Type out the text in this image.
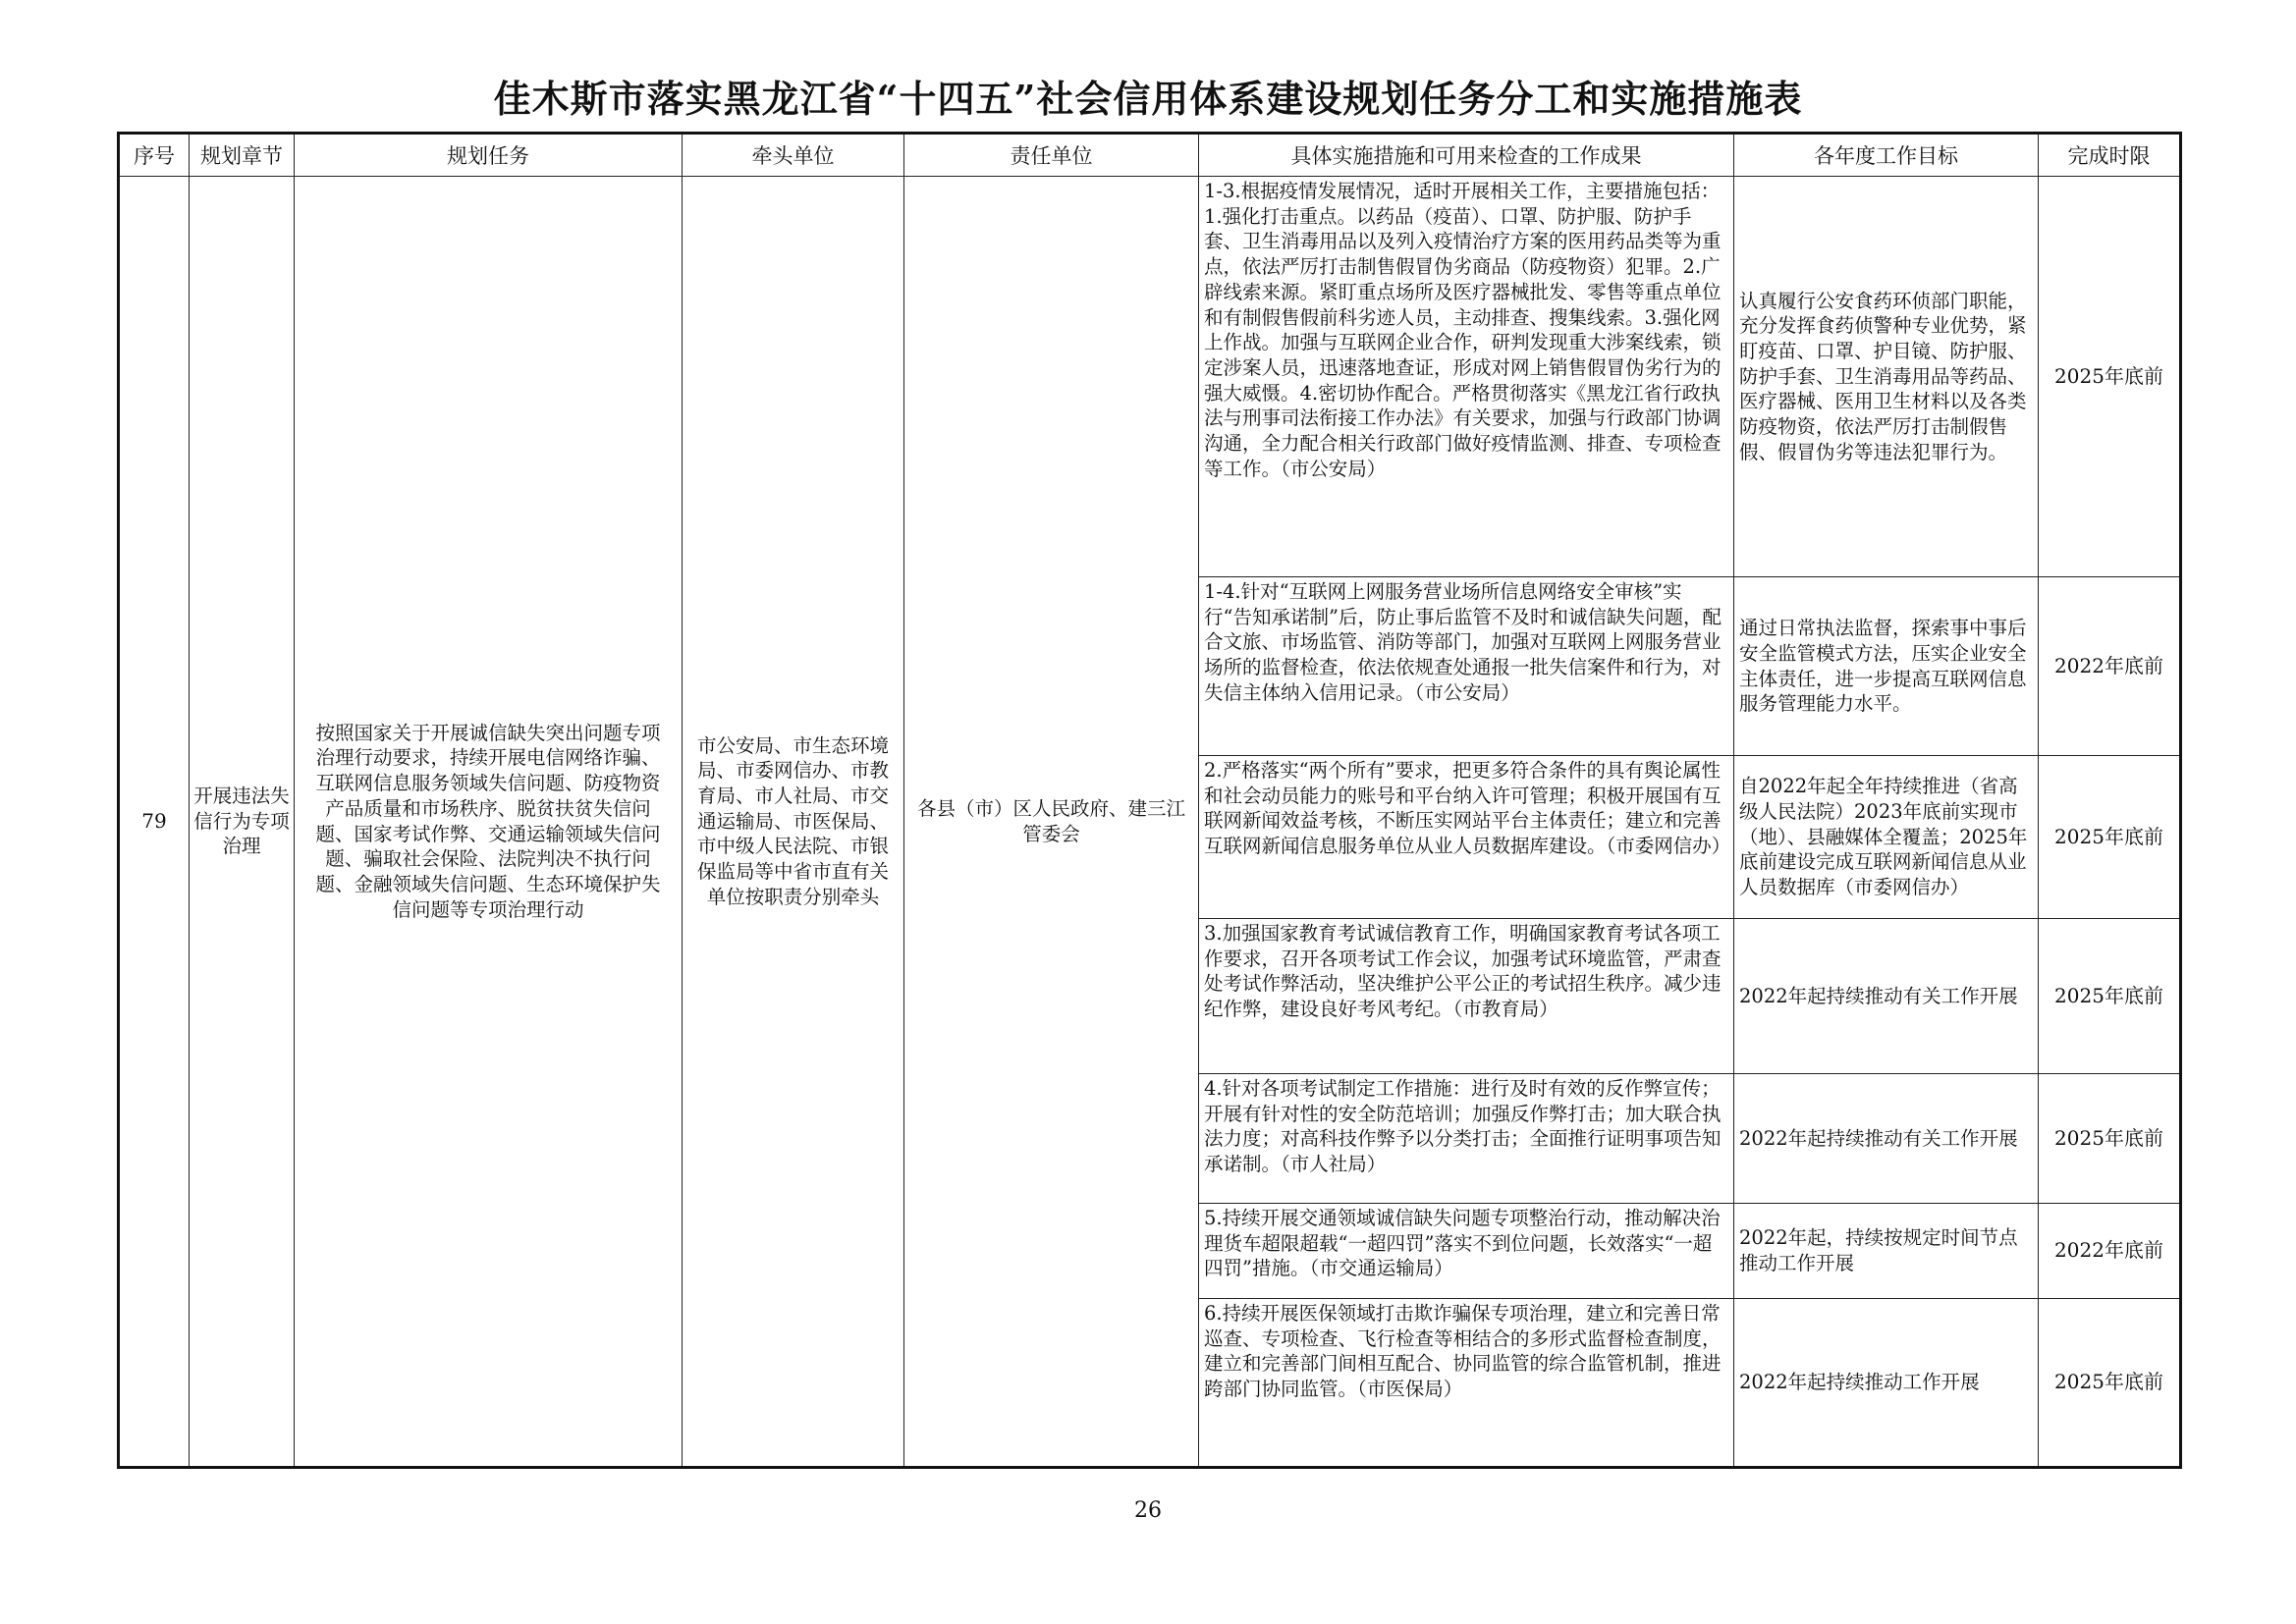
佳木斯市落实黑龙江省“十四五”社会信用体系建设规划任务分工和实施措施表
序号	规划章节	规划任务	牵头单位	责任单位	具体实施措施和可用来检查的工作成果	各年度工作目标	完成时限

79	开展违法失信行为专项治理	按照国家关于开展诚信缺失突出问题专项治理行动要求，持续开展电信网络诈骗、互联网信息服务领域失信问题、防疫物资产品质量和市场秩序、脱贫扶贫失信问题、国家考试作弊、交通运输领域失信问题、骗取社会保险、法院判决不执行问题、金融领域失信问题、生态环境保护失信问题等专项治理行动	市公安局、市生态环境局、市委网信办、市教育局、市人社局、市交通运输局、市医保局、市中级人民法院、市银保监局等中省市直有关单位按职责分别牵头	各县（市）区人民政府、建三江管委会	1-3.根据疫情发展情况，适时开展相关工作，主要措施包括：1.强化打击重点。以药品（疫苗）、口罩、防护服、防护手套、卫生消毒用品以及列入疫情治疗方案的医用药品类等为重点，依法严厉打击制售假冒伪劣商品（防疫物资）犯罪。2.广辟线索来源。紧盯重点场所及医疗器械批发、零售等重点单位和有制假售假前科劣迹人员，主动排查、搜集线索。3.强化网上作战。加强与互联网企业合作，研判发现重大涉案线索，锁定涉案人员，迅速落地查证，形成对网上销售假冒伪劣行为的强大威慑。4.密切协作配合。严格贯彻落实《黑龙江省行政执法与刑事司法衔接工作办法》有关要求，加强与行政部门协调沟通，全力配合相关行政部门做好疫情监测、排查、专项检查等工作。（市公安局）	认真履行公安食药环侦部门职能，充分发挥食药侦警种专业优势，紧盯疫苗、口罩、护目镜、防护服、防护手套、卫生消毒用品等药品、医疗器械、医用卫生材料以及各类防疫物资，依法严厉打击制假售假、假冒伪劣等违法犯罪行为。	2025年底前

					1-4.针对“互联网上网服务营业场所信息网络安全审核”实行“告知承诺制”后，防止事后监管不及时和诚信缺失问题，配合文旅、市场监管、消防等部门，加强对互联网上网服务营业场所的监督检查，依法依规查处通报一批失信案件和行为，对失信主体纳入信用记录。（市公安局）	通过日常执法监督，探索事中事后安全监管模式方法，压实企业安全主体责任，进一步提高互联网信息服务管理能力水平。	2022年底前

					2.严格落实“两个所有”要求，把更多符合条件的具有舆论属性和社会动员能力的账号和平台纳入许可管理；积极开展国有互联网新闻效益考核，不断压实网站平台主体责任；建立和完善互联网新闻信息服务单位从业人员数据库建设。（市委网信办）	自2022年起全年持续推进（省高级人民法院）2023年底前实现市（地）、县融媒体全覆盖；2025年底前建设完成互联网新闻信息从业人员数据库（市委网信办）	2025年底前

					3.加强国家教育考试诚信教育工作，明确国家教育考试各项工作要求，召开各项考试工作会议，加强考试环境监管，严肃查处考试作弊活动，坚决维护公平公正的考试招生秩序。减少违纪作弊，建设良好考风考纪。（市教育局）	2022年起持续推动有关工作开展	2025年底前

					4.针对各项考试制定工作措施：进行及时有效的反作弊宣传；开展有针对性的安全防范培训；加强反作弊打击；加大联合执法力度；对高科技作弊予以分类打击；全面推行证明事项告知承诺制。（市人社局）	2022年起持续推动有关工作开展	2025年底前

					5.持续开展交通领域诚信缺失问题专项整治行动，推动解决治理货车超限超载“一超四罚”落实不到位问题，长效落实“一超四罚”措施。（市交通运输局）	2022年起，持续按规定时间节点推动工作开展	2022年底前

					6.持续开展医保领域打击欺诈骗保专项治理，建立和完善日常巡查、专项检查、飞行检查等相结合的多形式监督检查制度，建立和完善部门间相互配合、协同监管的综合监管机制，推进跨部门协同监管。（市医保局）	2022年起持续推动工作开展	2025年底前
26
